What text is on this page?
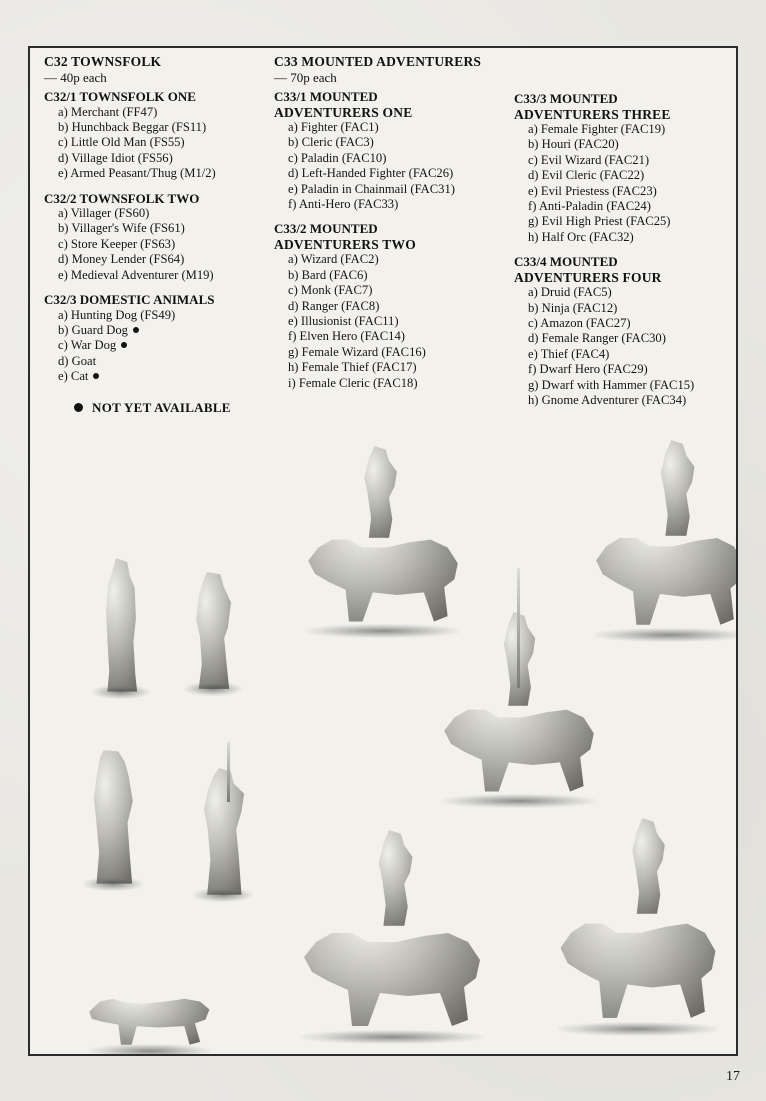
C32 TOWNSFOLK
— 40p each
C32/1 TOWNSFOLK ONE
a) Merchant (FF47)
b) Hunchback Beggar (FS11)
c) Little Old Man (FS55)
d) Village Idiot (FS56)
e) Armed Peasant/Thug (M1/2)
C32/2 TOWNSFOLK TWO
a) Villager (FS60)
b) Villager's Wife (FS61)
c) Store Keeper (FS63)
d) Money Lender (FS64)
e) Medieval Adventurer (M19)
C32/3 DOMESTIC ANIMALS
a) Hunting Dog (FS49)
b) Guard Dog
c) War Dog
d) Goat
e) Cat
C33 MOUNTED ADVENTURERS
— 70p each
C33/1 MOUNTED
ADVENTURERS ONE
a) Fighter (FAC1)
b) Cleric (FAC3)
c) Paladin (FAC10)
d) Left-Handed Fighter (FAC26)
e) Paladin in Chainmail (FAC31)
f) Anti-Hero (FAC33)
C33/2 MOUNTED
ADVENTURERS TWO
a) Wizard (FAC2)
b) Bard (FAC6)
c) Monk (FAC7)
d) Ranger (FAC8)
e) Illusionist (FAC11)
f) Elven Hero (FAC14)
g) Female Wizard (FAC16)
h) Female Thief (FAC17)
i) Female Cleric (FAC18)
C33/3 MOUNTED
ADVENTURERS THREE
a) Female Fighter (FAC19)
b) Houri (FAC20)
c) Evil Wizard (FAC21)
d) Evil Cleric (FAC22)
e) Evil Priestess (FAC23)
f) Anti-Paladin (FAC24)
g) Evil High Priest (FAC25)
h) Half Orc (FAC32)
C33/4 MOUNTED
ADVENTURERS FOUR
a) Druid (FAC5)
b) Ninja (FAC12)
c) Amazon (FAC27)
d) Female Ranger (FAC30)
e) Thief (FAC4)
f) Dwarf Hero (FAC29)
g) Dwarf with Hammer (FAC15)
h) Gnome Adventurer (FAC34)
NOT YET AVAILABLE
17
